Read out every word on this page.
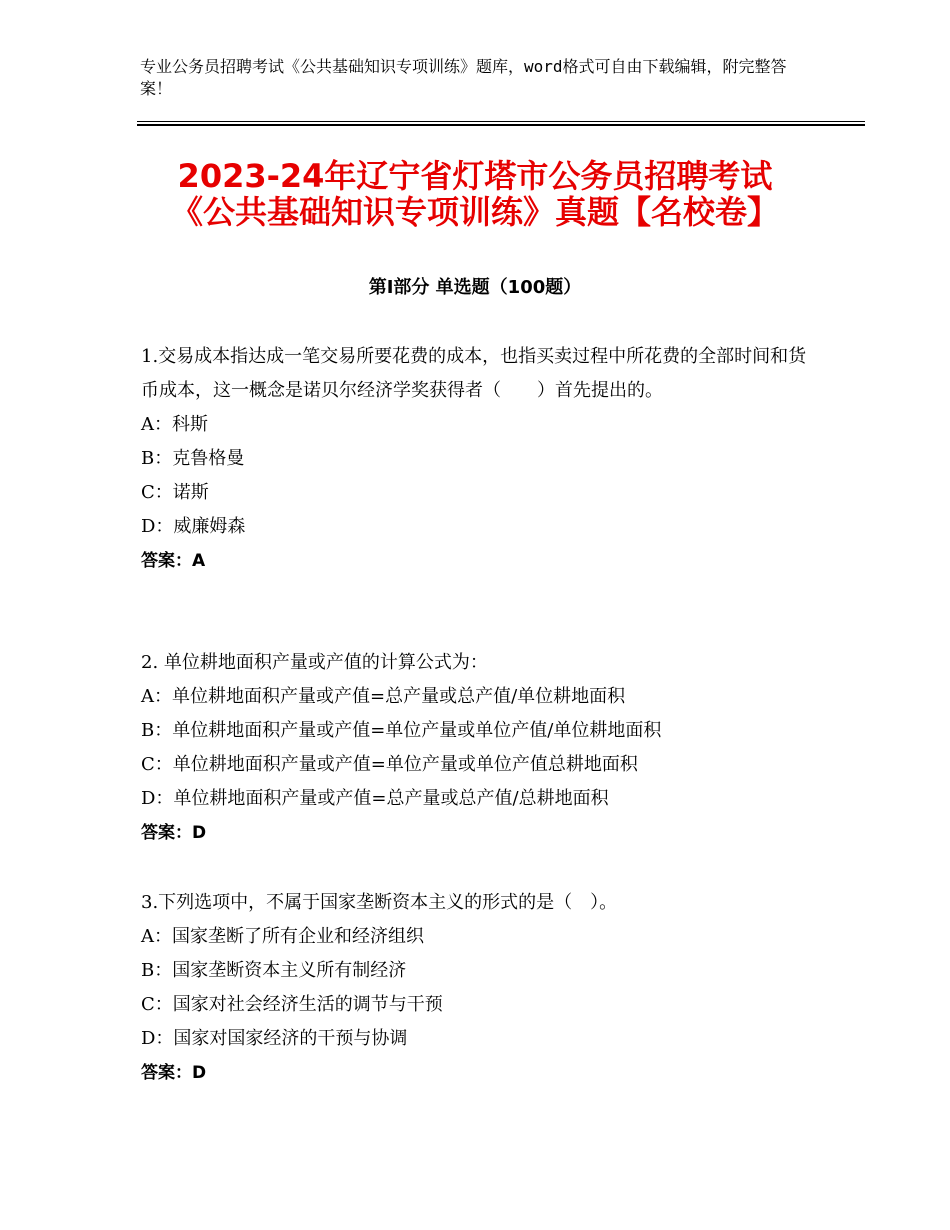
专业公务员招聘考试《公共基础知识专项训练》题库，word格式可自由下载编辑，附完整答案！
2023-24年辽宁省灯塔市公务员招聘考试
《公共基础知识专项训练》真题【名校卷】
第Ⅰ部分 单选题（100题）
1.交易成本指达成一笔交易所要花费的成本，也指买卖过程中所花费的全部时间和货币成本，这一概念是诺贝尔经济学奖获得者（　　）首先提出的。
A：科斯
B：克鲁格曼
C：诺斯
D：威廉姆森
答案：A
2. 单位耕地面积产量或产值的计算公式为：
A：单位耕地面积产量或产值=总产量或总产值/单位耕地面积
B：单位耕地面积产量或产值=单位产量或单位产值/单位耕地面积
C：单位耕地面积产量或产值=单位产量或单位产值总耕地面积
D：单位耕地面积产量或产值=总产量或总产值/总耕地面积
答案：D
3.下列选项中，不属于国家垄断资本主义的形式的是（　）。
A：国家垄断了所有企业和经济组织
B：国家垄断资本主义所有制经济
C：国家对社会经济生活的调节与干预
D：国家对国家经济的干预与协调
答案：D
